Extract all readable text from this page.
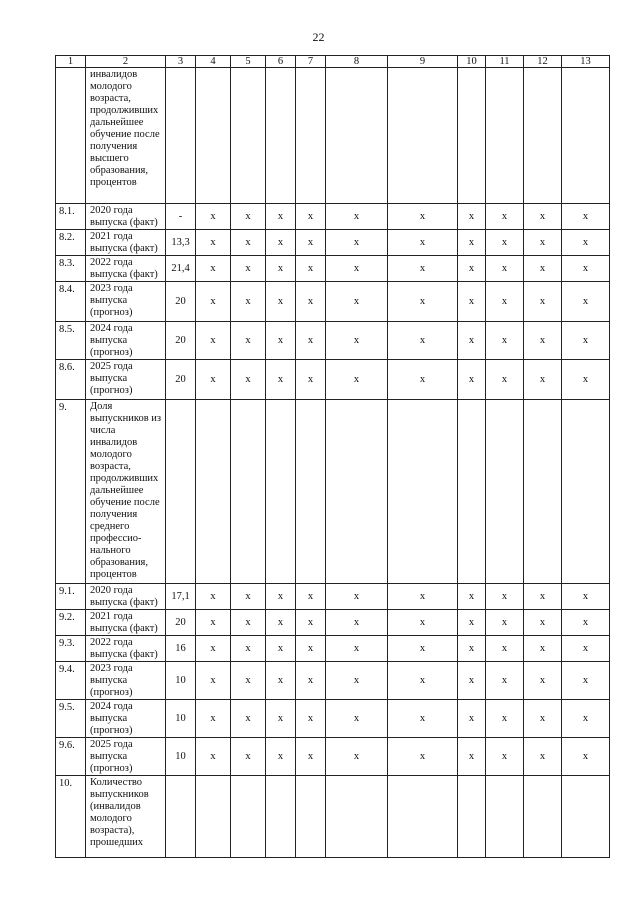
22
1	2	3	4	5	6	7	8	9	10	11	12	13
	инвалидов молодого возраста, продолживших дальнейшее обучение после получения высшего образования, процентов											
8.1.	2020 года выпуска (факт)	-	x	x	x	x	x	x	x	x	x	x
8.2.	2021 года выпуска (факт)	13,3	x	x	x	x	x	x	x	x	x	x
8.3.	2022 года выпуска (факт)	21,4	x	x	x	x	x	x	x	x	x	x
8.4.	2023 года выпуска (прогноз)	20	x	x	x	x	x	x	x	x	x	x
8.5.	2024 года выпуска (прогноз)	20	x	x	x	x	x	x	x	x	x	x
8.6.	2025 года выпуска (прогноз)	20	x	x	x	x	x	x	x	x	x	x
9.	Доля выпускников из числа инвалидов молодого возраста, продолживших дальнейшее обучение после получения среднего профессио-нального образования, процентов											
9.1.	2020 года выпуска (факт)	17,1	x	x	x	x	x	x	x	x	x	x
9.2.	2021 года выпуска (факт)	20	x	x	x	x	x	x	x	x	x	x
9.3.	2022 года выпуска (факт)	16	x	x	x	x	x	x	x	x	x	x
9.4.	2023 года выпуска (прогноз)	10	x	x	x	x	x	x	x	x	x	x
9.5.	2024 года выпуска (прогноз)	10	x	x	x	x	x	x	x	x	x	x
9.6.	2025 года выпуска (прогноз)	10	x	x	x	x	x	x	x	x	x	x
10.	Количество выпускников (инвалидов молодого возраста), прошедших											
